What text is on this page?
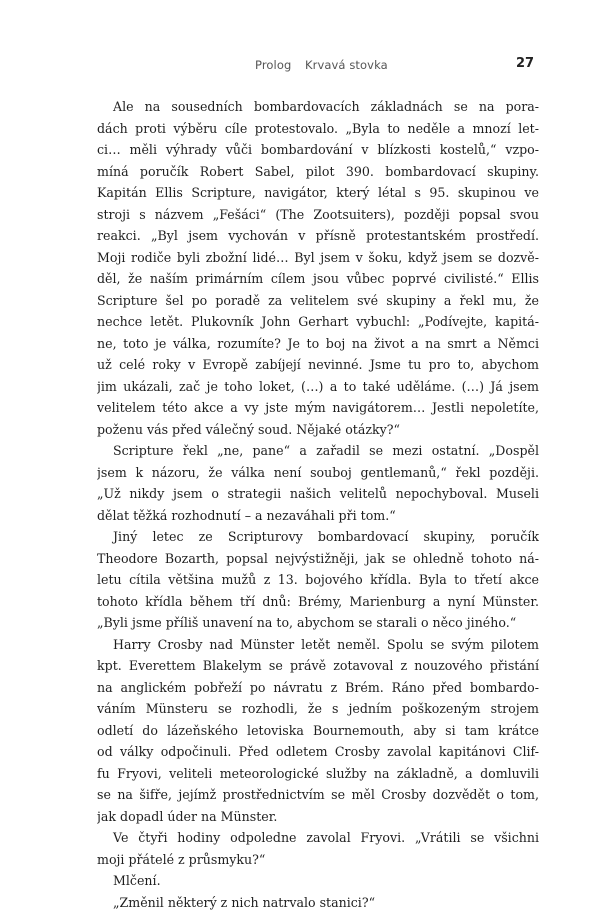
Prolog Krvavá stovka	27
Ale na sousedních bombardovacích základnách se na pora-
dách proti výběru cíle protestovalo. „Byla to neděle a mnozí let-
ci… měli výhrady vůči bombardování v blízkosti kostelů,“ vzpo-
míná poručík Robert Sabel, pilot 390. bombardovací skupiny.
Kapitán Ellis Scripture, navigátor, který létal s 95. skupinou ve
stroji s názvem „Fešáci“ (The Zootsuiters), později popsal svou
reakci. „Byl jsem vychován v přísně protestantském prostředí.
Moji rodiče byli zbožní lidé… Byl jsem v šoku, když jsem se dozvě-
děl, že naším primárním cílem jsou vůbec poprvé civilisté.“ Ellis
Scripture šel po poradě za velitelem své skupiny a řekl mu, že
nechce letět. Plukovník John Gerhart vybuchl: „Podívejte, kapitá-
ne, toto je válka, rozumíte? Je to boj na život a na smrt a Němci
už celé roky v Evropě zabíjejí nevinné. Jsme tu pro to, abychom
jim ukázali, zač je toho loket, (…) a to také uděláme. (…) Já jsem
velitelem této akce a vy jste mým navigátorem… Jestli nepoletíte,
poženu vás před válečný soud. Nějaké otázky?“
Scripture řekl „ne, pane“ a zařadil se mezi ostatní. „Dospěl
jsem k názoru, že válka není souboj gentlemanů,“ řekl později.
„Už nikdy jsem o strategii našich velitelů nepochyboval. Museli
dělat těžká rozhodnutí – a nezaváhali při tom.“
Jiný letec ze Scripturovy bombardovací skupiny, poručík
Theodore Bozarth, popsal nejvýstižněji, jak se ohledně tohoto ná-
letu cítila většina mužů z 13. bojového křídla. Byla to třetí akce
tohoto křídla během tří dnů: Brémy, Marienburg a nyní Münster.
„Byli jsme příliš unavení na to, abychom se starali o něco jiného.“
Harry Crosby nad Münster letět neměl. Spolu se svým pilotem
kpt. Everettem Blakelym se právě zotavoval z nouzového přistání
na anglickém pobřeží po návratu z Brém. Ráno před bombardo-
váním Münsteru se rozhodli, že s jedním poškozeným strojem
odletí do lázeňského letoviska Bournemouth, aby si tam krátce
od války odpočinuli. Před odletem Crosby zavolal kapitánovi Clif-
fu Fryovi, veliteli meteorologické služby na základně, a domluvili
se na šifře, jejímž prostřednictvím se měl Crosby dozvědět o tom,
jak dopadl úder na Münster.
Ve čtyři hodiny odpoledne zavolal Fryovi. „Vrátili se všichni
moji přátelé z průsmyku?“
Mlčení.
„Změnil některý z nich natrvalo stanici?“
